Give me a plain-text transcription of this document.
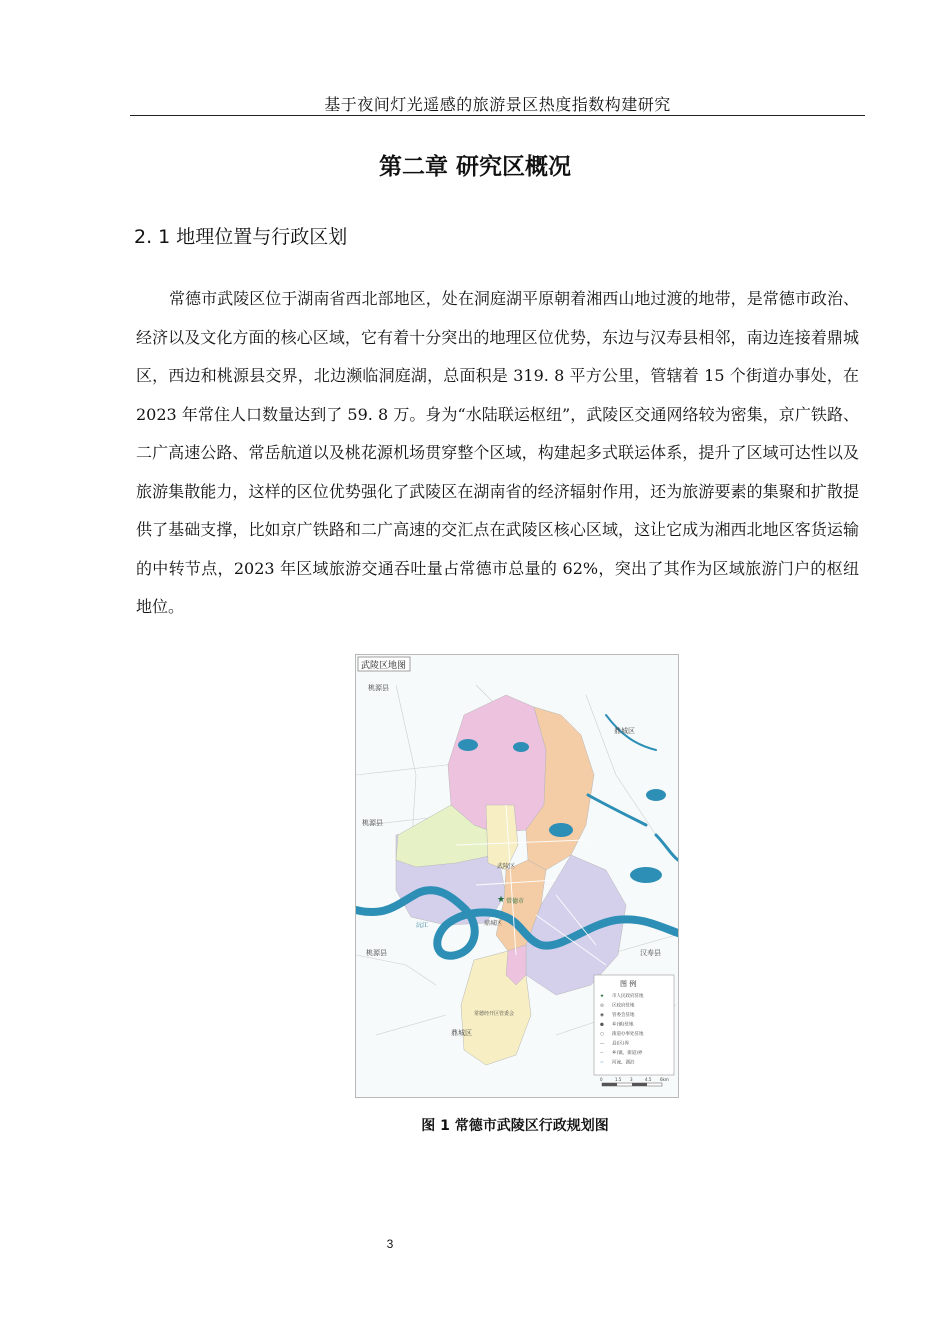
基于夜间灯光遥感的旅游景区热度指数构建研究
第二章 研究区概况
2. 1 地理位置与行政区划

常德市武陵区位于湖南省西北部地区，处在洞庭湖平原朝着湘西山地过渡的地带，是常德市政治、经济以及文化方面的核心区域，它有着十分突出的地理区位优势，东边与汉寿县相邻，南边连接着鼎城区，西边和桃源县交界，北边濒临洞庭湖，总面积是 319. 8 平方公里，管辖着 15 个街道办事处，在 2023 年常住人口数量达到了 59. 8 万。身为“水陆联运枢纽”，武陵区交通网络较为密集，京广铁路、二广高速公路、常岳航道以及桃花源机场贯穿整个区域，构建起多式联运体系，提升了区域可达性以及旅游集散能力，这样的区位优势强化了武陵区在湖南省的经济辐射作用，还为旅游要素的集聚和扩散提供了基础支撑，比如京广铁路和二广高速的交汇点在武陵区核心区域，这让它成为湘西北地区客货运输的中转节点，2023 年区域旅游交通吞吐量占常德市总量的 62%，突出了其作为区域旅游门户的枢纽地位。

武陵区地图
桃源县
桃源县
桃源县
鼎城区
鼎城区
汉寿县
常德市
武陵区
鼎城区
沅江
常德经开区管委会
★
图 例
★ 市人民政府驻地
◎ 区政府驻地
◉ 管委会驻地
● 乡(镇)驻地
○ 街道办事处驻地
— 县(区)界
-- 乡(镇、街道)界
~ 河流、湖泊
0	1.5 3	4.5 6km
图 1 常德市武陵区行政规划图
3
